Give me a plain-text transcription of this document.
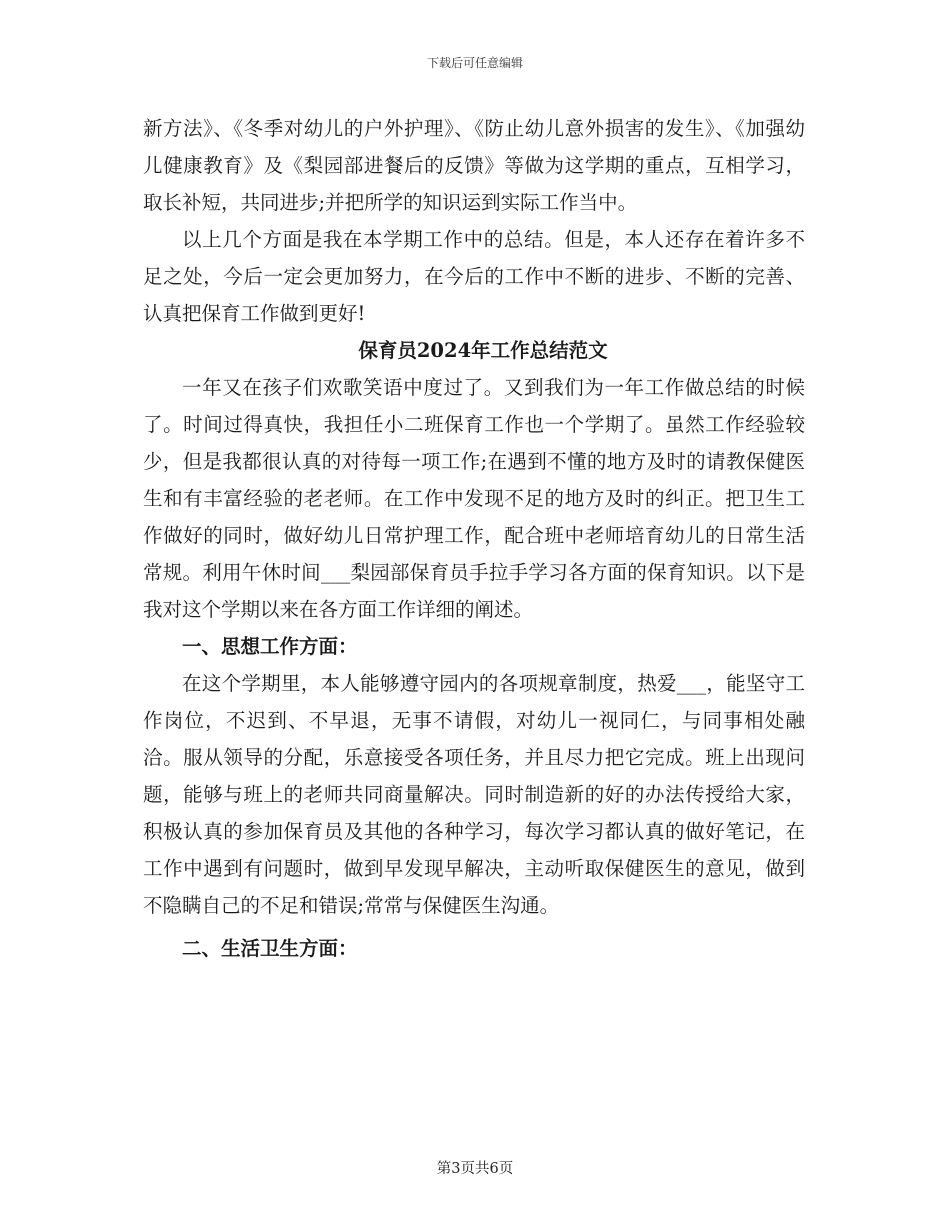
下载后可任意编辑

新方法》、《冬季对幼儿的户外护理》、《防止幼儿意外损害的发生》、《加强幼儿健康教育》及《梨园部进餐后的反馈》等做为这学期的重点，互相学习，取长补短，共同进步;并把所学的知识运到实际工作当中。

以上几个方面是我在本学期工作中的总结。但是，本人还存在着许多不足之处，今后一定会更加努力，在今后的工作中不断的进步、不断的完善、认真把保育工作做到更好!

保育员2024年工作总结范文

一年又在孩子们欢歌笑语中度过了。又到我们为一年工作做总结的时候了。时间过得真快，我担任小二班保育工作也一个学期了。虽然工作经验较少，但是我都很认真的对待每一项工作;在遇到不懂的地方及时的请教保健医生和有丰富经验的老老师。在工作中发现不足的地方及时的纠正。把卫生工作做好的同时，做好幼儿日常护理工作，配合班中老师培育幼儿的日常生活常规。利用午休时间___梨园部保育员手拉手学习各方面的保育知识。以下是我对这个学期以来在各方面工作详细的阐述。

一、思想工作方面：

在这个学期里，本人能够遵守园内的各项规章制度，热爱___，能坚守工作岗位，不迟到、不早退，无事不请假，对幼儿一视同仁，与同事相处融洽。服从领导的分配，乐意接受各项任务，并且尽力把它完成。班上出现问题，能够与班上的老师共同商量解决。同时制造新的好的办法传授给大家，积极认真的参加保育员及其他的各种学习，每次学习都认真的做好笔记，在工作中遇到有问题时，做到早发现早解决，主动听取保健医生的意见，做到不隐瞒自己的不足和错误;常常与保健医生沟通。

二、生活卫生方面：

第3页共6页
